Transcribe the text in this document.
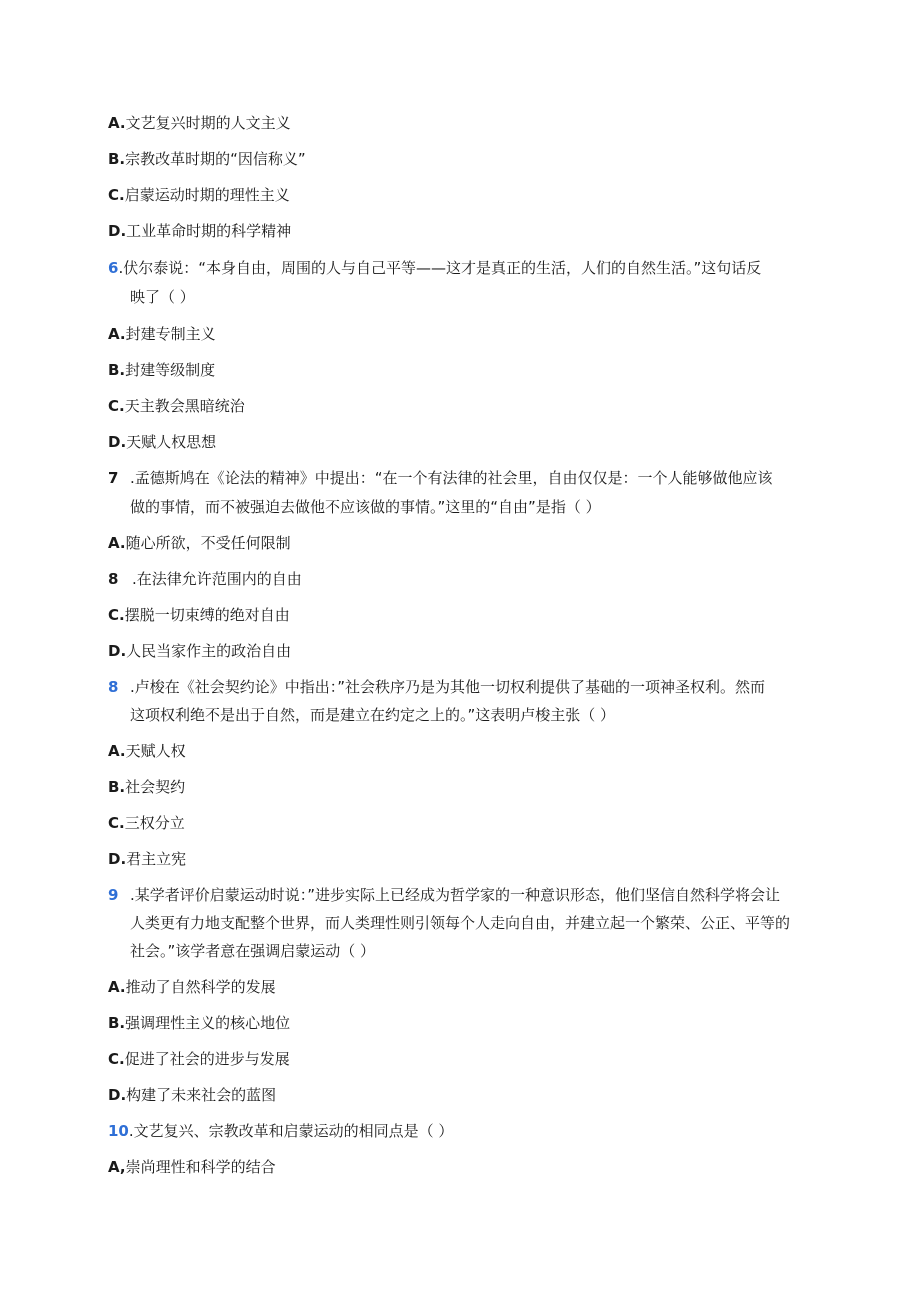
A.文艺复兴时期的人文主义
B.宗教改革时期的“因信称义”
C.启蒙运动时期的理性主义
D.工业革命时期的科学精神
6.伏尔泰说：“本身自由，周围的人与自己平等——这才是真正的生活，人们的自然生活。”这句话反
映了（ ）
A.封建专制主义
B.封建等级制度
C.天主教会黑暗统治
D.天赋人权思想
7 .孟德斯鸠在《论法的精神》中提出：“在一个有法律的社会里，自由仅仅是：一个人能够做他应该
做的事情，而不被强迫去做他不应该做的事情。”这里的“自由”是指（ ）
A.随心所欲，不受任何限制
8 .在法律允许范围内的自由
C.摆脱一切束缚的绝对自由
D.人民当家作主的政治自由
8 .卢梭在《社会契约论》中指出：”社会秩序乃是为其他一切权利提供了基础的一项神圣权利。然而
这项权利绝不是出于自然，而是建立在约定之上的。”这表明卢梭主张（ ）
A.天赋人权
B.社会契约
C.三权分立
D.君主立宪
9 .某学者评价启蒙运动时说：”进步实际上已经成为哲学家的一种意识形态，他们坚信自然科学将会让
人类更有力地支配整个世界，而人类理性则引领每个人走向自由，并建立起一个繁荣、公正、平等的
社会。”该学者意在强调启蒙运动（ ）
A.推动了自然科学的发展
B.强调理性主义的核心地位
C.促进了社会的进步与发展
D.构建了未来社会的蓝图
10.文艺复兴、宗教改革和启蒙运动的相同点是（ ）
A,崇尚理性和科学的结合
